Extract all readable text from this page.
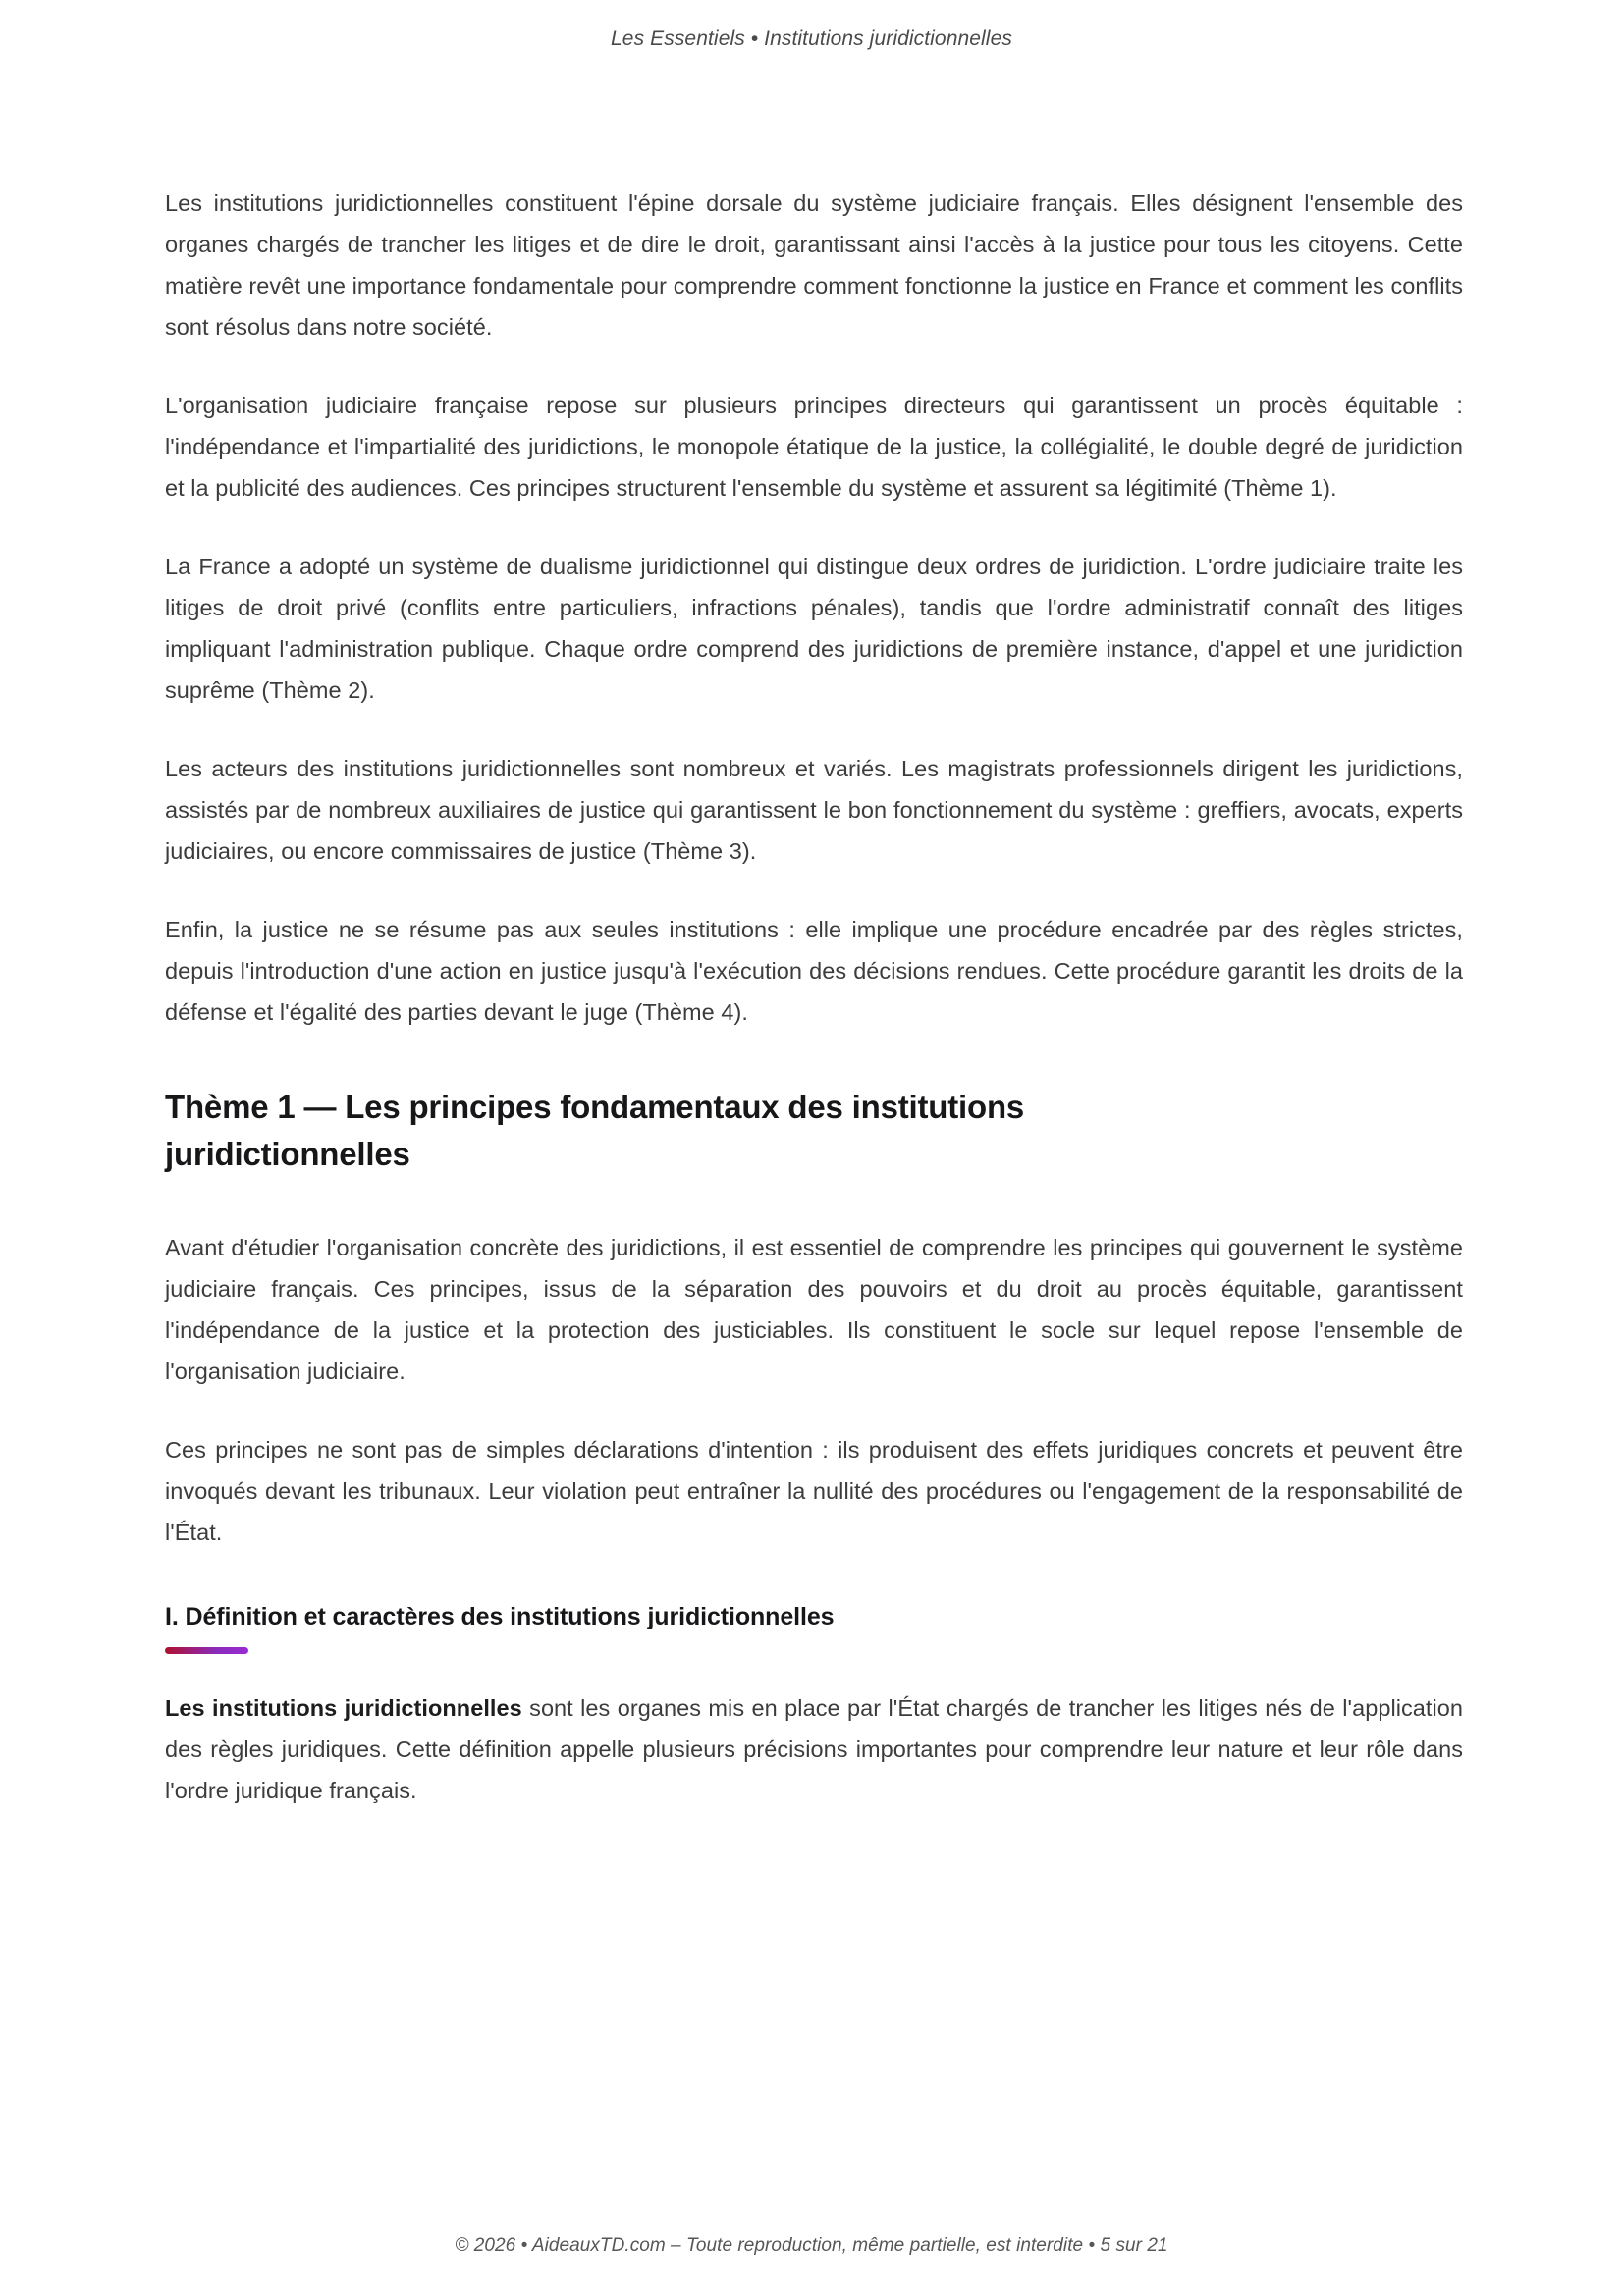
Les Essentiels • Institutions juridictionnelles

Les institutions juridictionnelles constituent l'épine dorsale du système judiciaire français. Elles désignent l'ensemble des organes chargés de trancher les litiges et de dire le droit, garantissant ainsi l'accès à la justice pour tous les citoyens. Cette matière revêt une importance fondamentale pour comprendre comment fonctionne la justice en France et comment les conflits sont résolus dans notre société.

L'organisation judiciaire française repose sur plusieurs principes directeurs qui garantissent un procès équitable : l'indépendance et l'impartialité des juridictions, le monopole étatique de la justice, la collégialité, le double degré de juridiction et la publicité des audiences. Ces principes structurent l'ensemble du système et assurent sa légitimité (Thème 1).

La France a adopté un système de dualisme juridictionnel qui distingue deux ordres de juridiction. L'ordre judiciaire traite les litiges de droit privé (conflits entre particuliers, infractions pénales), tandis que l'ordre administratif connaît des litiges impliquant l'administration publique. Chaque ordre comprend des juridictions de première instance, d'appel et une juridiction suprême (Thème 2).

Les acteurs des institutions juridictionnelles sont nombreux et variés. Les magistrats professionnels dirigent les juridictions, assistés par de nombreux auxiliaires de justice qui garantissent le bon fonctionnement du système : greffiers, avocats, experts judiciaires, ou encore commissaires de justice (Thème 3).

Enfin, la justice ne se résume pas aux seules institutions : elle implique une procédure encadrée par des règles strictes, depuis l'introduction d'une action en justice jusqu'à l'exécution des décisions rendues. Cette procédure garantit les droits de la défense et l'égalité des parties devant le juge (Thème 4).

Thème 1 — Les principes fondamentaux des institutions juridictionnelles

Avant d'étudier l'organisation concrète des juridictions, il est essentiel de comprendre les principes qui gouvernent le système judiciaire français. Ces principes, issus de la séparation des pouvoirs et du droit au procès équitable, garantissent l'indépendance de la justice et la protection des justiciables. Ils constituent le socle sur lequel repose l'ensemble de l'organisation judiciaire.

Ces principes ne sont pas de simples déclarations d'intention : ils produisent des effets juridiques concrets et peuvent être invoqués devant les tribunaux. Leur violation peut entraîner la nullité des procédures ou l'engagement de la responsabilité de l'État.

I. Définition et caractères des institutions juridictionnelles

Les institutions juridictionnelles sont les organes mis en place par l'État chargés de trancher les litiges nés de l'application des règles juridiques. Cette définition appelle plusieurs précisions importantes pour comprendre leur nature et leur rôle dans l'ordre juridique français.

© 2026 • AideauxTD.com – Toute reproduction, même partielle, est interdite • 5 sur 21
